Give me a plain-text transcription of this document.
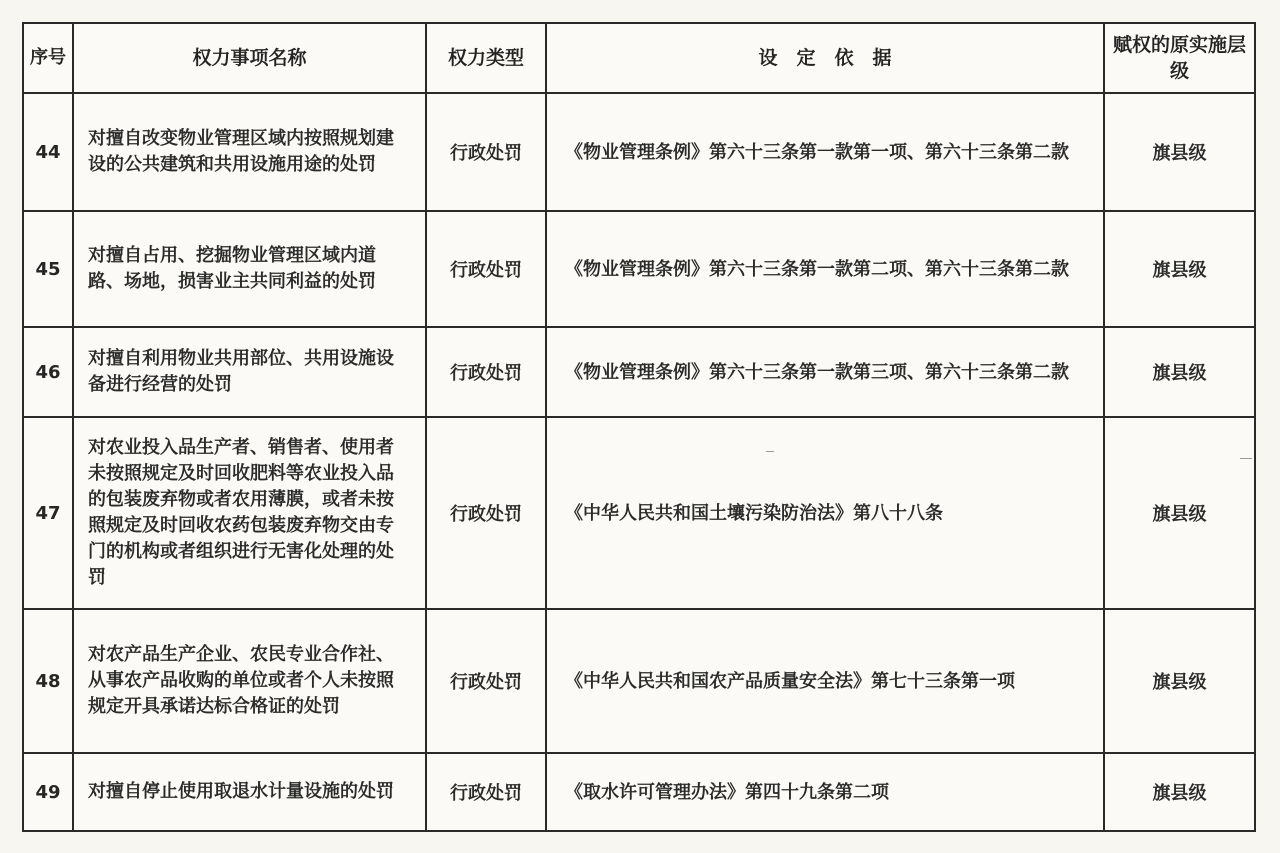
序号	权力事项名称	权力类型	设　定　依　据	赋权的原实施层级
44	对擅自改变物业管理区域内按照规划建设的公共建筑和共用设施用途的处罚	行政处罚	《物业管理条例》第六十三条第一款第一项、第六十三条第二款	旗县级
45	对擅自占用、挖掘物业管理区域内道路、场地，损害业主共同利益的处罚	行政处罚	《物业管理条例》第六十三条第一款第二项、第六十三条第二款	旗县级
46	对擅自利用物业共用部位、共用设施设备进行经营的处罚	行政处罚	《物业管理条例》第六十三条第一款第三项、第六十三条第二款	旗县级
47	对农业投入品生产者、销售者、使用者未按照规定及时回收肥料等农业投入品的包装废弃物或者农用薄膜，或者未按照规定及时回收农药包装废弃物交由专门的机构或者组织进行无害化处理的处罚	行政处罚	《中华人民共和国土壤污染防治法》第八十八条	旗县级
48	对农产品生产企业、农民专业合作社、从事农产品收购的单位或者个人未按照规定开具承诺达标合格证的处罚	行政处罚	《中华人民共和国农产品质量安全法》第七十三条第一项	旗县级
49	对擅自停止使用取退水计量设施的处罚	行政处罚	《取水许可管理办法》第四十九条第二项	旗县级
